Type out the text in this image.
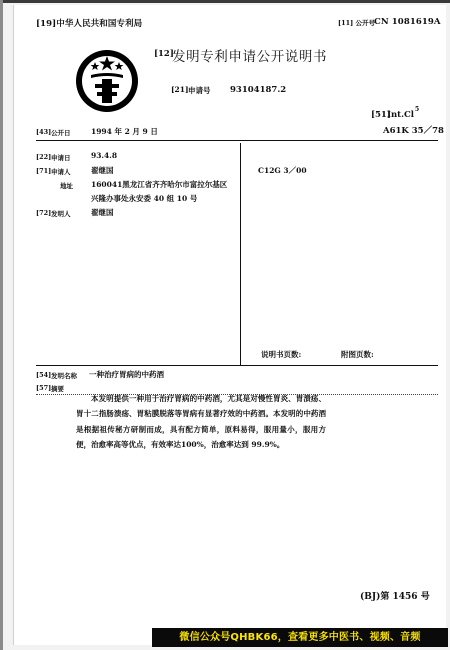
[19]中华人民共和国专利局	[11] 公开号 CN 1081619A
[12]
发明专利申请公开说明书
[21] 申请号 93104187.2
[51]
Int.Cl
5
A61K 35／78
[43] 公开日	1994 年 2 月 9 日
[22] 申请日	93.4.8
[71] 申请人	翟继国
地址 160041黑龙江省齐齐哈尔市富拉尔基区
兴隆办事处永安委 40 组 10 号
[72] 发明人	翟继国
C12G 3／00
说明书页数:	附图页数:
[54] 发明名称 一种治疗胃病的中药酒
[57] 摘要
本发明提供一种用于治疗胃病的中药酒，尤其是对慢性胃炎、胃溃疡、胃十二指肠溃疡、胃粘膜脱落等胃病有显著疗效的中药酒。本发明的中药酒是根据祖传秘方研制而成，具有配方简单，原料易得，服用量小，服用方便，治愈率高等优点，有效率达100%，治愈率达到 99.9%。
(BJ)第 1456 号
微信公众号QHBK66，查看更多中医书、视频、音频
